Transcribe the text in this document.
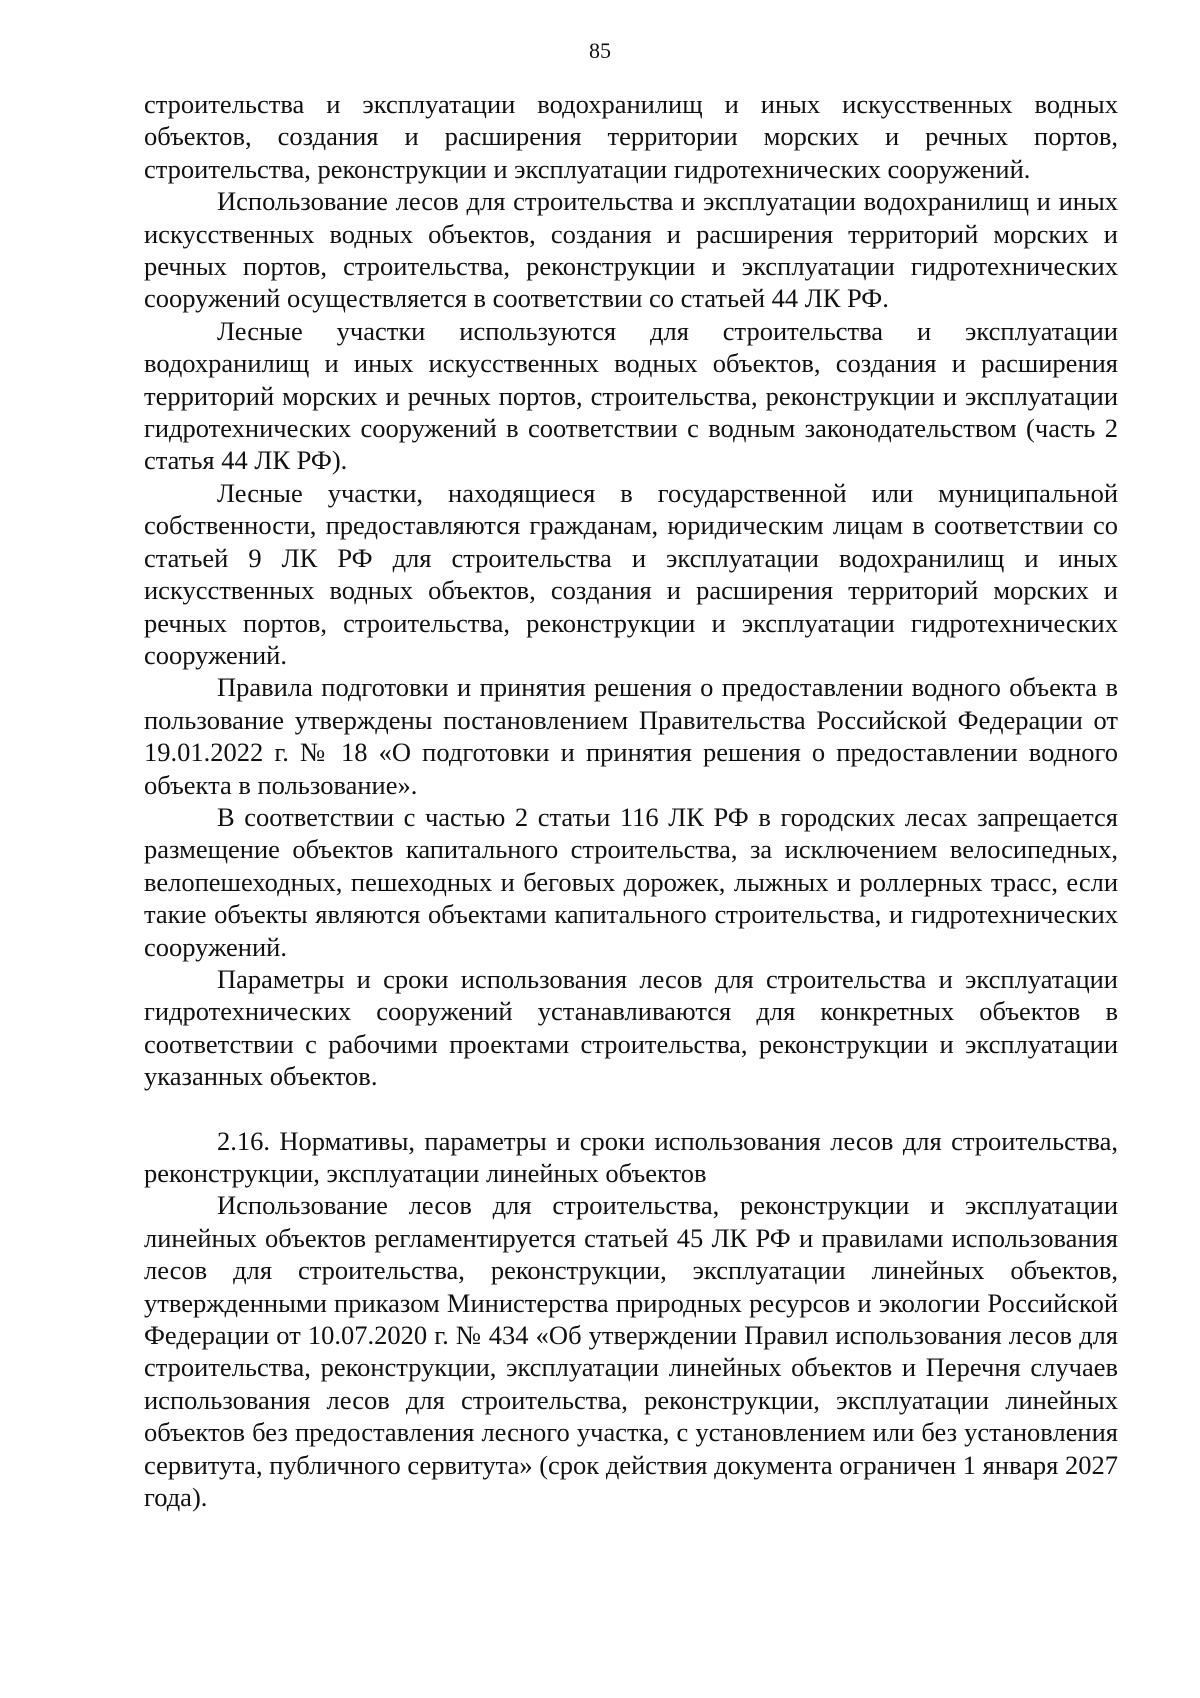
85

строительства и эксплуатации водохранилищ и иных искусственных водных объектов, создания и расширения территории морских и речных портов, строительства, реконструкции и эксплуатации гидротехнических сооружений.

Использование лесов для строительства и эксплуатации водохранилищ и иных искусственных водных объектов, создания и расширения территорий морских и речных портов, строительства, реконструкции и эксплуатации гидротехнических сооружений осуществляется в соответствии со статьей 44 ЛК РФ.

Лесные участки используются для строительства и эксплуатации водохранилищ и иных искусственных водных объектов, создания и расширения территорий морских и речных портов, строительства, реконструкции и эксплуатации гидротехнических сооружений в соответствии с водным законодательством (часть 2 статья 44 ЛК РФ).

Лесные участки, находящиеся в государственной или муниципальной собственности, предоставляются гражданам, юридическим лицам в соответствии со статьей 9 ЛК РФ для строительства и эксплуатации водохранилищ и иных искусственных водных объектов, создания и расширения территорий морских и речных портов, строительства, реконструкции и эксплуатации гидротехнических сооружений.

Правила подготовки и принятия решения о предоставлении водного объекта в пользование утверждены постановлением Правительства Российской Федерации от 19.01.2022 г. № 18 «О подготовки и принятия решения о предоставлении водного объекта в пользование».

В соответствии с частью 2 статьи 116 ЛК РФ в городских лесах запрещается размещение объектов капитального строительства, за исключением велосипедных, велопешеходных, пешеходных и беговых дорожек, лыжных и роллерных трасс, если такие объекты являются объектами капитального строительства, и гидротехнических сооружений.

Параметры и сроки использования лесов для строительства и эксплуатации гидротехнических сооружений устанавливаются для конкретных объектов в соответствии с рабочими проектами строительства, реконструкции и эксплуатации указанных объектов.

2.16. Нормативы, параметры и сроки использования лесов для строительства, реконструкции, эксплуатации линейных объектов

Использование лесов для строительства, реконструкции и эксплуатации линейных объектов регламентируется статьей 45 ЛК РФ и правилами использования лесов для строительства, реконструкции, эксплуатации линейных объектов, утвержденными приказом Министерства природных ресурсов и экологии Российской Федерации от 10.07.2020 г. № 434 «Об утверждении Правил использования лесов для строительства, реконструкции, эксплуатации линейных объектов и Перечня случаев использования лесов для строительства, реконструкции, эксплуатации линейных объектов без предоставления лесного участка, с установлением или без установления сервитута, публичного сервитута» (срок действия документа ограничен 1 января 2027 года).
